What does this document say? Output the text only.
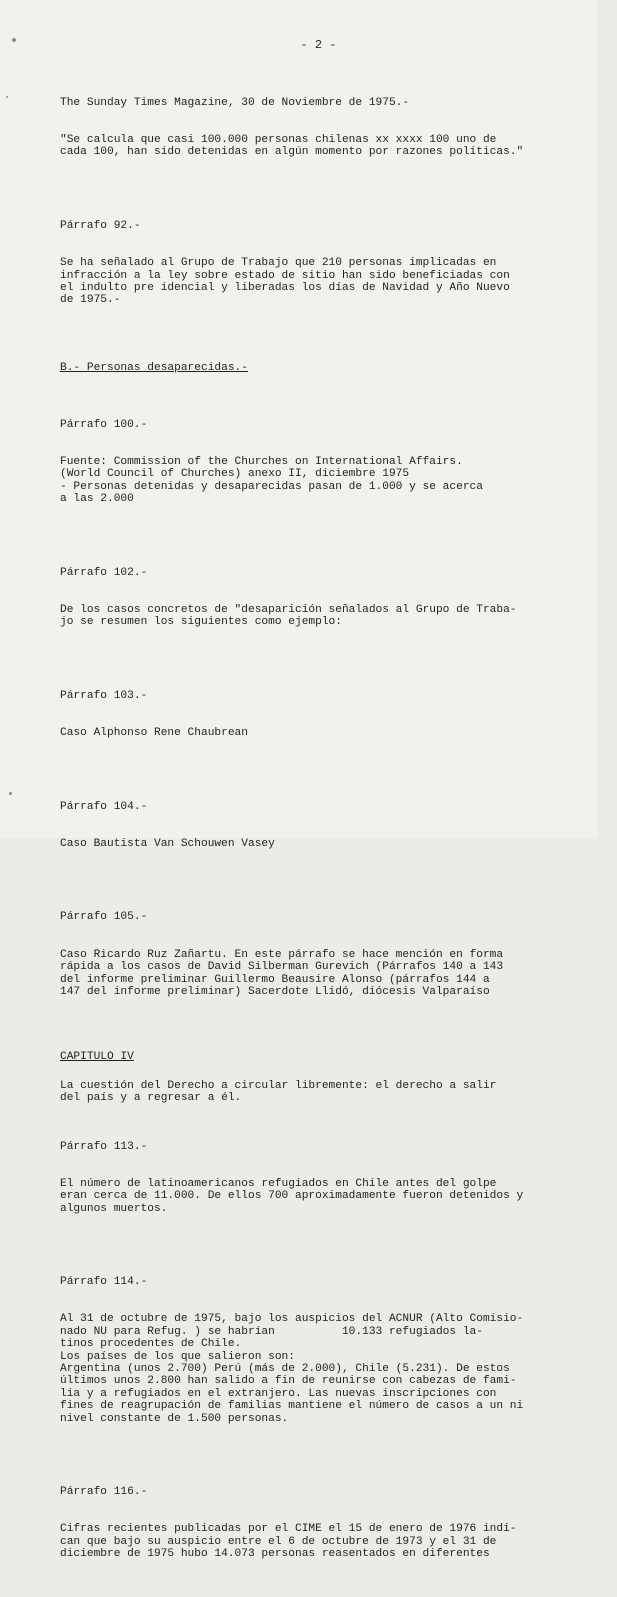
- 2 -

The Sunday Times Magazine, 30 de Noviembre de 1975.-

"Se calcula que casi 100.000 personas chilenas xx xxxx 100 uno de
cada 100, han sido detenidas en algún momento por razones políticas."

Párrafo 92.-

Se ha señalado al Grupo de Trabajo que 210 personas implicadas en
infracción a la ley sobre estado de sitio han sido beneficiadas con
el indulto pre idencial y liberadas los días de Navidad y Año Nuevo
de 1975.-

B.- Personas desaparecidas.-

Párrafo 100.-

Fuente: Commission of the Churches on International Affairs.
(World Council of Churches) anexo II, diciembre 1975
- Personas detenidas y desaparecidas pasan de 1.000 y se acerca
a las 2.000

Párrafo 102.-

De los casos concretos de "desaparición señalados al Grupo de Traba-
jo se resumen los siguientes como ejemplo:

Párrafo 103.-

Caso Alphonso Rene Chaubrean

Párrafo 104.-

Caso Bautista Van Schouwen Vasey

Párrafo 105.-

Caso Ricardo Ruz Zañartu. En este párrafo se hace mención en forma
rápida a los casos de David Silberman Gurevich (Párrafos 140 a 143
del informe preliminar Guillermo Beausire Alonso (párrafos 144 a
147 del informe preliminar) Sacerdote Llidó, diócesis Valparaíso

CAPITULO IV
La cuestión del Derecho a circular libremente: el derecho a salir
del país y a regresar a él.

Párrafo 113.-

El número de latinoamericanos refugiados en Chile antes del golpe
eran cerca de 11.000. De ellos 700 aproximadamente fueron detenidos y
algunos muertos.

Párrafo 114.-

Al 31 de octubre de 1975, bajo los auspicios del ACNUR (Alto Comisio-
nado NU para Refug. ) se habrían          10.133 refugiados la-
tinos procedentes de Chile.
Los países de los que salieron son:
Argentina (unos 2.700) Perú (más de 2.000), Chile (5.231). De estos
últimos unos 2.800 han salido a fin de reunirse con cabezas de fami-
lia y a refugiados en el extranjero. Las nuevas inscripciones con
fines de reagrupación de familias mantiene el número de casos a un ni
nivel constante de 1.500 personas.

Párrafo 116.-

Cifras recientes publicadas por el CIME el 15 de enero de 1976 indi-
can que bajo su auspicio entre el 6 de octubre de 1973 y el 31 de
diciembre de 1975 hubo 14.073 personas reasentados en diferentes
